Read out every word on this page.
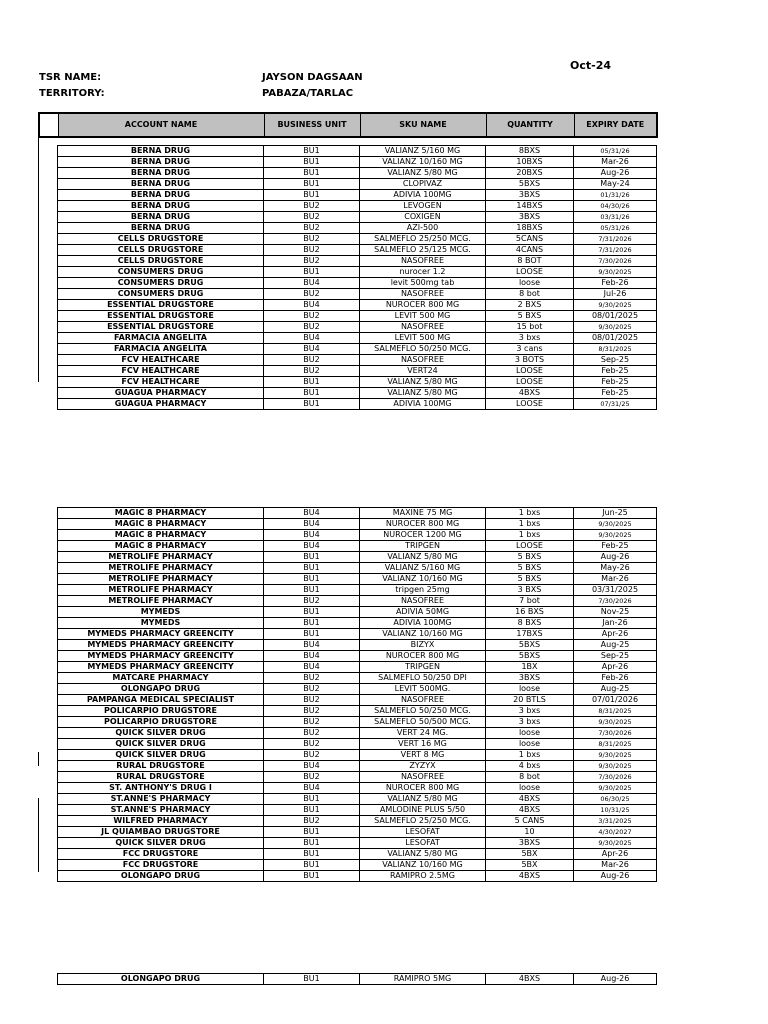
Oct-24
TSR NAME:	JAYSON DAGSAAN
TERRITORY:	PABAZA/TARLAC
	ACCOUNT NAME	BUSINESS UNIT	SKU NAME	QUANTITY	EXPIRY DATE
BERNA DRUG	BU1	VALIANZ 5/160 MG	8BXS	05/31/26
BERNA DRUG	BU1	VALIANZ 10/160 MG	10BXS	Mar-26
BERNA DRUG	BU1	VALIANZ 5/80 MG	20BXS	Aug-26
BERNA DRUG	BU1	CLOPIVAZ	5BXS	May-24
BERNA DRUG	BU1	ADIVIA 100MG	3BXS	01/31/26
BERNA DRUG	BU2	LEVOGEN	14BXS	04/30/26
BERNA DRUG	BU2	COXIGEN	3BXS	03/31/26
BERNA DRUG	BU2	AZI-500	18BXS	05/31/26
CELLS DRUGSTORE	BU2	SALMEFLO 25/250 MCG.	5CANS	7/31/2026
CELLS DRUGSTORE	BU2	SALMEFLO 25/125 MCG.	4CANS	7/31/2026
CELLS DRUGSTORE	BU2	NASOFREE	8 BOT	7/30/2026
CONSUMERS DRUG	BU1	nurocer 1.2	LOOSE	9/30/2025
CONSUMERS DRUG	BU4	levit 500mg tab	loose	Feb-26
CONSUMERS DRUG	BU2	NASOFREE	8 bot	Jul-26
ESSENTIAL DRUGSTORE	BU4	NUROCER 800 MG	2 BXS	9/30/2025
ESSENTIAL DRUGSTORE	BU2	LEVIT 500 MG	5 BXS	08/01/2025
ESSENTIAL DRUGSTORE	BU2	NASOFREE	15 bot	9/30/2025
FARMACIA ANGELITA	BU4	LEVIT 500 MG	3 bxs	08/01/2025
FARMACIA ANGELITA	BU4	SALMEFLO 50/250 MCG.	3 cans	8/31/2025
FCV HEALTHCARE	BU2	NASOFREE	3 BOTS	Sep-25
FCV HEALTHCARE	BU2	VERT24	LOOSE	Feb-25
FCV HEALTHCARE	BU1	VALIANZ 5/80 MG	LOOSE	Feb-25
GUAGUA PHARMACY	BU1	VALIANZ 5/80 MG	4BXS	Feb-25
GUAGUA PHARMACY	BU1	ADIVIA 100MG	LOOSE	07/31/25
MAGIC 8 PHARMACY	BU4	MAXINE 75 MG	1 bxs	Jun-25
MAGIC 8 PHARMACY	BU4	NUROCER 800 MG	1 bxs	9/30/2025
MAGIC 8 PHARMACY	BU4	NUROCER 1200 MG	1 bxs	9/30/2025
MAGIC 8 PHARMACY	BU4	TRIPGEN	LOOSE	Feb-25
METROLIFE PHARMACY	BU1	VALIANZ 5/80 MG	5 BXS	Aug-26
METROLIFE PHARMACY	BU1	VALIANZ 5/160 MG	5 BXS	May-26
METROLIFE PHARMACY	BU1	VALIANZ 10/160 MG	5 BXS	Mar-26
METROLIFE PHARMACY	BU1	tripgen 25mg	3 BXS	03/31/2025
METROLIFE PHARMACY	BU2	NASOFREE	7 bot	7/30/2026
MYMEDS	BU1	ADIVIA 50MG	16 BXS	Nov-25
MYMEDS	BU1	ADIVIA 100MG	8 BXS	Jan-26
MYMEDS PHARMACY GREENCITY	BU1	VALIANZ 10/160 MG	17BXS	Apr-26
MYMEDS PHARMACY GREENCITY	BU4	BIZYX	5BXS	Aug-25
MYMEDS PHARMACY GREENCITY	BU4	NUROCER 800 MG	5BXS	Sep-25
MYMEDS PHARMACY GREENCITY	BU4	TRIPGEN	1BX	Apr-26
MATCARE PHARMACY	BU2	SALMEFLO 50/250 DPI	3BXS	Feb-26
OLONGAPO DRUG	BU2	LEVIT 500MG.	loose	Aug-25
PAMPANGA MEDICAL SPECIALIST	BU2	NASOFREE	20 BTLS	07/01/2026
POLICARPIO DRUGSTORE	BU2	SALMEFLO 50/250 MCG.	3 bxs	8/31/2025
POLICARPIO DRUGSTORE	BU2	SALMEFLO 50/500 MCG.	3 bxs	9/30/2025
QUICK SILVER DRUG	BU2	VERT 24 MG.	loose	7/30/2026
QUICK SILVER DRUG	BU2	VERT 16 MG	loose	8/31/2025
QUICK SILVER DRUG	BU2	VERT 8 MG	1 bxs	9/30/2025
RURAL DRUGSTORE	BU4	ZYZYX	4 bxs	9/30/2025
RURAL DRUGSTORE	BU2	NASOFREE	8 bot	7/30/2026
ST. ANTHONY'S DRUG I	BU4	NUROCER 800 MG	loose	9/30/2025
ST.ANNE'S PHARMACY	BU1	VALIANZ 5/80 MG	4BXS	06/30/25
ST.ANNE'S PHARMACY	BU1	AMLODINE PLUS 5/50	4BXS	10/31/25
WILFRED PHARMACY	BU2	SALMEFLO 25/250 MCG.	5 CANS	3/31/2025
JL QUIAMBAO DRUGSTORE	BU1	LESOFAT	10	4/30/2027
QUICK SILVER DRUG	BU1	LESOFAT	3BXS	9/30/2025
FCC DRUGSTORE	BU1	VALIANZ 5/80 MG	5BX	Apr-26
FCC DRUGSTORE	BU1	VALIANZ 10/160 MG	5BX	Mar-26
OLONGAPO DRUG	BU1	RAMIPRO 2.5MG	4BXS	Aug-26
OLONGAPO DRUG	BU1	RAMIPRO 5MG	4BXS	Aug-26
